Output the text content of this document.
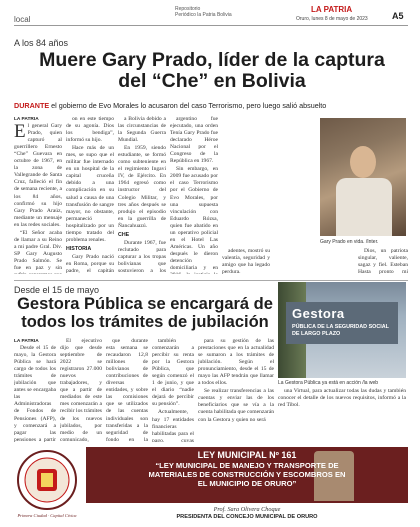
local
Repositorio
Periódico la Patria Bolivia
LA PATRIA
Oruro, lunes 8 de mayo de 2023	A5
A los 84 años
Muere Gary Prado, líder de la captura del “Che” en Bolivia
DURANTE el gobierno de Evo Morales lo acusaron del caso Terrorismo, pero luego salió absuelto
LA PATRIA
E l general Gary Prado, quien capturó al guerrillero Ernesto “Che” Guevara en octubre de 1967, en la zona de Vallegrande de Santa Cruz, falleció el fin de semana reciente, a los 84 años, confirmó su hijo Gary Prado Araúz, mediante un mensaje en las redes sociales.

“El Señor acaba de llamar a su Reino a mi padre Gral. Div. SP Gary Augusto Prado Salmón. Se fue en paz y sin

on en este tiempo de su agonía. Dios los bendiga”, informó su hijo.

Hace más de un mes, se supo que el militar fue internado en un hospital de la capital cruceña debido a una complicación en su salud a causa de una transfusión de sangre mayor, no obstante, permaneció hospitalizado por un tiempo tratado del problema renales.

HISTORIA

Gary Prado nació en Roma, porque su padre, el capitán

a Bolivia debido a las circunstancias de la Segunda Guerra Mundial.

En 1959, siendo estudiante, se formó como subteniente en el regimiento Ingavi IV, de Ejército. En 1964 egresó como instructor del Colegio Militar, y tres años después se produjo el episodio en la guerrilla de Ñancahuazú.

CHE

Durante 1967, fue reclutado para capturar a los tropas bolivianas que sostuvieron a los

argentino fue ejecutado, una orden Tenía Gary Prado fue declarado Héroe Nacional por el Congreso de la República en 1967.

Sin embargo, en 2009 fue acusado por el caso Terrorismo por el Gobierno de Evo Morales, por una supuesta vinculación con Eduardo Rózsa, quien fue abatido en un operativo policial en el Hotel Las Américas. Un año después le dieron detención domiciliaria y en

adentes, mostró su valentía, seguridad y amigo que ha legado perdura.

Dios, un patriota singular, valiente, sagaz y fiel. Esteban Hasta pronto mi

Gary Prado en vida. /Inter.
Desde el 15 de mayo
Gestora Pública se encargará de todos los trámites de jubilación
LA PATRIA

Desde el 15 de mayo, la Gestora Pública se hará cargo de todos los trámites de jubilación que antes se encargaba las Administradoras de Fondos de Pensiones (AFP), y comenzará a pagar las pensiones a partir

El ejecutivo dijo que desde septiembre de 2022 se registraron 27.000 nuevos trabajadores, y que a partir de mediados de este mes comenzarán a recibir los trámites de los nuevos jubilados, por medio de un comunicado,

que durante esta semana se recaudaron 12,8 millones de bolivianos de contribuciones de diversas entidades, y sobre las comisiones que se utilizados de las cuentas individuales son transferidas a la seguridad de fondo en la

también comenzarán a percibir su renta por la Gestora Pública, que según comenzó el 1 de junio, y que el diario “nadie dejará de percibir su pensión”.

Actualmente, hay 17 entidades financieras habilitadas para el pago, cuyas

para su gestión de las prestaciones que en la actualidad se sumaron a los trámites de jubilación. Según el pronunciamiento, desde el 15 de mayo las AFP tendrán que llamar a todos ellos.

Se realizar transferencias a las cuentas y enviar las de los beneficiarios que se vía a la cuenta habilitada que comenzarán con la Gestora y quien no será

una Virtual, para actualizar todas las dudas y también conocer el detalle de los nuevos requisitos, informó a la red Tibol.

Gestora
PÚBLICA DE LA SEGURIDAD SOCIAL DE LARGO PLAZO
La Gestora Pública ya está en acción /la web
Primera Ciudad · Capital Cívica
LEY MUNICIPAL Nº 161
“LEY MUNICIPAL DE MANEJO Y TRANSPORTE DE
MATERIALES DE CONSTRUCCIÓN Y ESCOMBROS EN
EL MUNICIPIO DE ORURO”
Prof. Sara Olivera Choque
PRESIDENTA DEL CONCEJO MUNICIPAL DE ORURO
